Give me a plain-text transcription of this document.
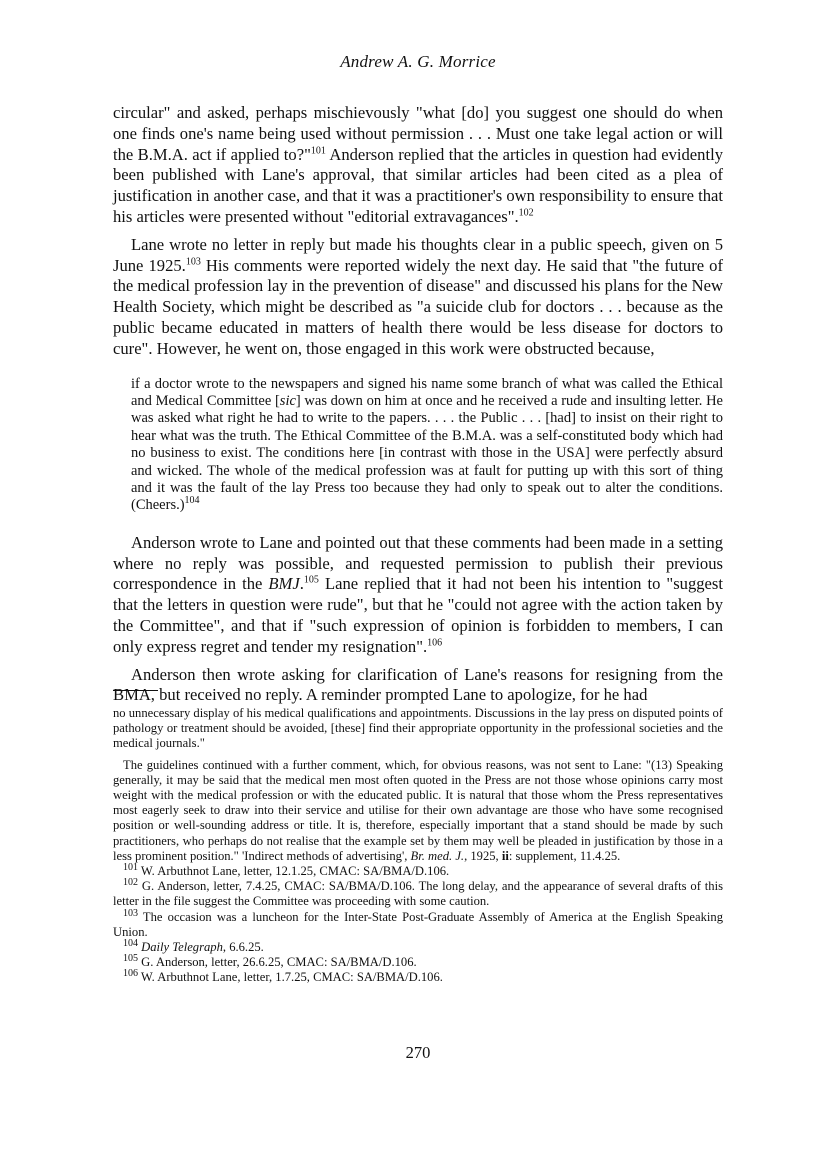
Andrew A. G. Morrice

circular" and asked, perhaps mischievously "what [do] you suggest one should do when one finds one's name being used without permission . . . Must one take legal action or will the B.M.A. act if applied to?"$^{101}$ Anderson replied that the articles in question had evidently been published with Lane's approval, that similar articles had been cited as a plea of justification in another case, and that it was a practitioner's own responsibility to ensure that his articles were presented without "editorial extravagances".$^{102}$

Lane wrote no letter in reply but made his thoughts clear in a public speech, given on 5 June 1925.$^{103}$ His comments were reported widely the next day. He said that "the future of the medical profession lay in the prevention of disease" and discussed his plans for the New Health Society, which might be described as "a suicide club for doctors . . . because as the public became educated in matters of health there would be less disease for doctors to cure". However, he went on, those engaged in this work were obstructed because,

if a doctor wrote to the newspapers and signed his name some branch of what was called the Ethical and Medical Committee [sic] was down on him at once and he received a rude and insulting letter. He was asked what right he had to write to the papers. . . . the Public . . . [had] to insist on their right to hear what was the truth. The Ethical Committee of the B.M.A. was a self-constituted body which had no business to exist. The conditions here [in contrast with those in the USA] were perfectly absurd and wicked. The whole of the medical profession was at fault for putting up with this sort of thing and it was the fault of the lay Press too because they had only to speak out to alter the conditions. (Cheers.)$^{104}$

Anderson wrote to Lane and pointed out that these comments had been made in a setting where no reply was possible, and requested permission to publish their previous correspondence in the BMJ.$^{105}$ Lane replied that it had not been his intention to "suggest that the letters in question were rude", but that he "could not agree with the action taken by the Committee", and that if "such expression of opinion is forbidden to members, I can only express regret and tender my resignation".$^{106}$

Anderson then wrote asking for clarification of Lane's reasons for resigning from the BMA, but received no reply. A reminder prompted Lane to apologize, for he had

no unnecessary display of his medical qualifications and appointments. Discussions in the lay press on disputed points of pathology or treatment should be avoided, [these] find their appropriate opportunity in the professional societies and the medical journals."

The guidelines continued with a further comment, which, for obvious reasons, was not sent to Lane: "(13) Speaking generally, it may be said that the medical men most often quoted in the Press are not those whose opinions carry most weight with the medical profession or with the educated public. It is natural that those whom the Press representatives most eagerly seek to draw into their service and utilise for their own advantage are those who have some recognised position or well-sounding address or title. It is, therefore, especially important that a stand should be made by such practitioners, who perhaps do not realise that the example set by them may well be pleaded in justification by those in a less prominent position." 'Indirect methods of advertising', Br. med. J., 1925, ii: supplement, 11.4.25.

$^{101}$ W. Arbuthnot Lane, letter, 12.1.25, CMAC: SA/BMA/D.106.

$^{102}$ G. Anderson, letter, 7.4.25, CMAC: SA/BMA/D.106. The long delay, and the appearance of several drafts of this letter in the file suggest the Committee was proceeding with some caution.

$^{103}$ The occasion was a luncheon for the Inter-State Post-Graduate Assembly of America at the English Speaking Union.

$^{104}$ Daily Telegraph, 6.6.25.

$^{105}$ G. Anderson, letter, 26.6.25, CMAC: SA/BMA/D.106.

$^{106}$ W. Arbuthnot Lane, letter, 1.7.25, CMAC: SA/BMA/D.106.

270
